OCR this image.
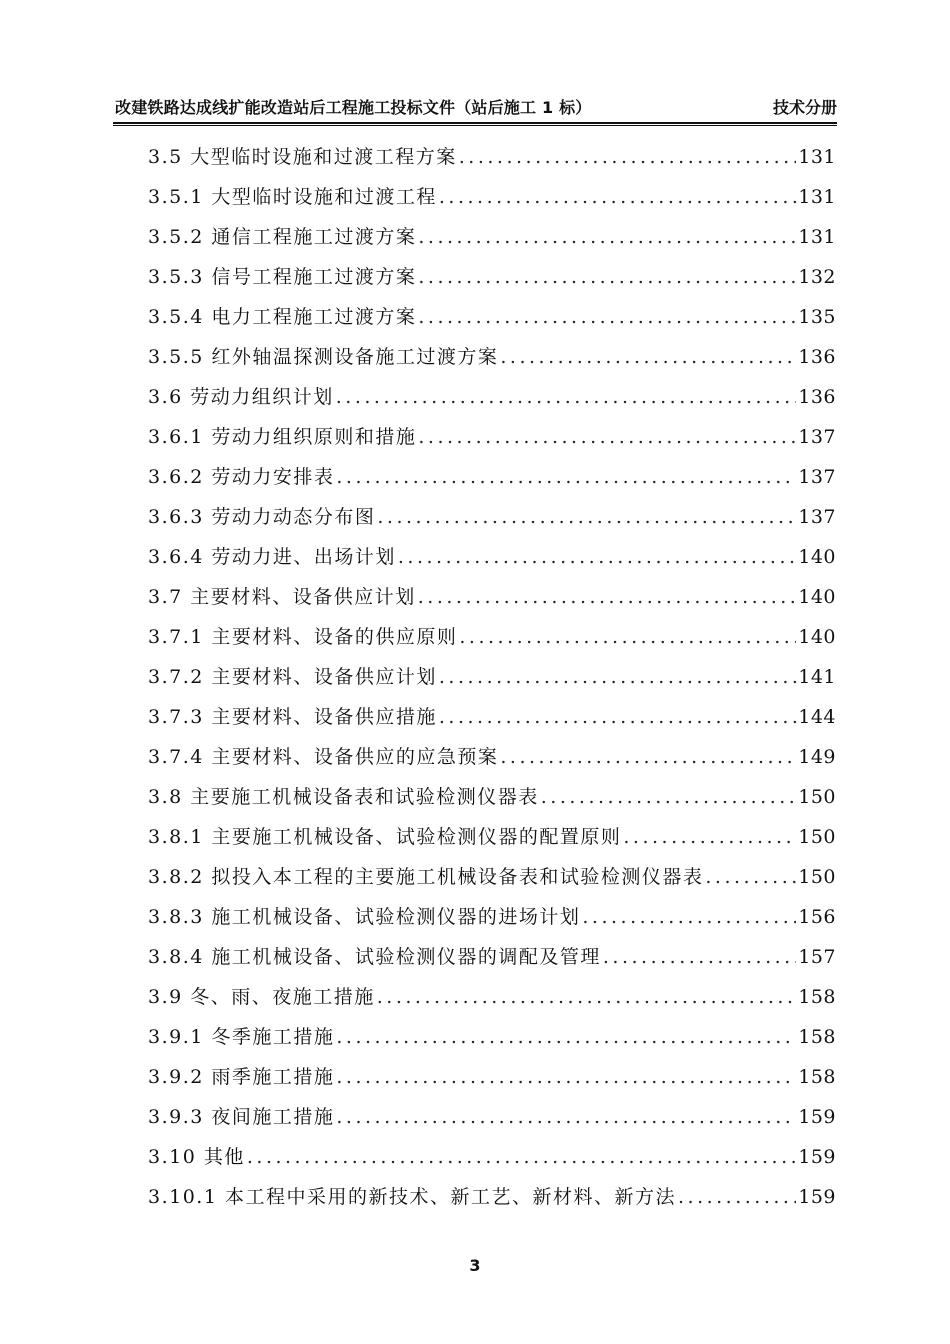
改建铁路达成线扩能改造站后工程施工投标文件（站后施工 1 标）	技术分册
3.5 大型临时设施和过渡工程方案 .....	131
3.5.1 大型临时设施和过渡工程 .....	131
3.5.2 通信工程施工过渡方案 .....	131
3.5.3 信号工程施工过渡方案 .....	132
3.5.4 电力工程施工过渡方案 .....	135
3.5.5 红外轴温探测设备施工过渡方案 .....	136
3.6 劳动力组织计划 .....	136
3.6.1 劳动力组织原则和措施 .....	137
3.6.2 劳动力安排表 .....	137
3.6.3 劳动力动态分布图 .....	137
3.6.4 劳动力进、出场计划 .....	140
3.7 主要材料、设备供应计划 .....	140
3.7.1 主要材料、设备的供应原则 .....	140
3.7.2 主要材料、设备供应计划 .....	141
3.7.3 主要材料、设备供应措施 .....	144
3.7.4 主要材料、设备供应的应急预案 .....	149
3.8 主要施工机械设备表和试验检测仪器表 .....	150
3.8.1 主要施工机械设备、试验检测仪器的配置原则 .....	150
3.8.2 拟投入本工程的主要施工机械设备表和试验检测仪器表 .....	150
3.8.3 施工机械设备、试验检测仪器的进场计划 .....	156
3.8.4 施工机械设备、试验检测仪器的调配及管理 .....	157
3.9 冬、雨、夜施工措施 .....	158
3.9.1 冬季施工措施 .....	158
3.9.2 雨季施工措施 .....	158
3.9.3 夜间施工措施 .....	159
3.10 其他 .....	159
3.10.1 本工程中采用的新技术、新工艺、新材料、新方法 .....	159
3
